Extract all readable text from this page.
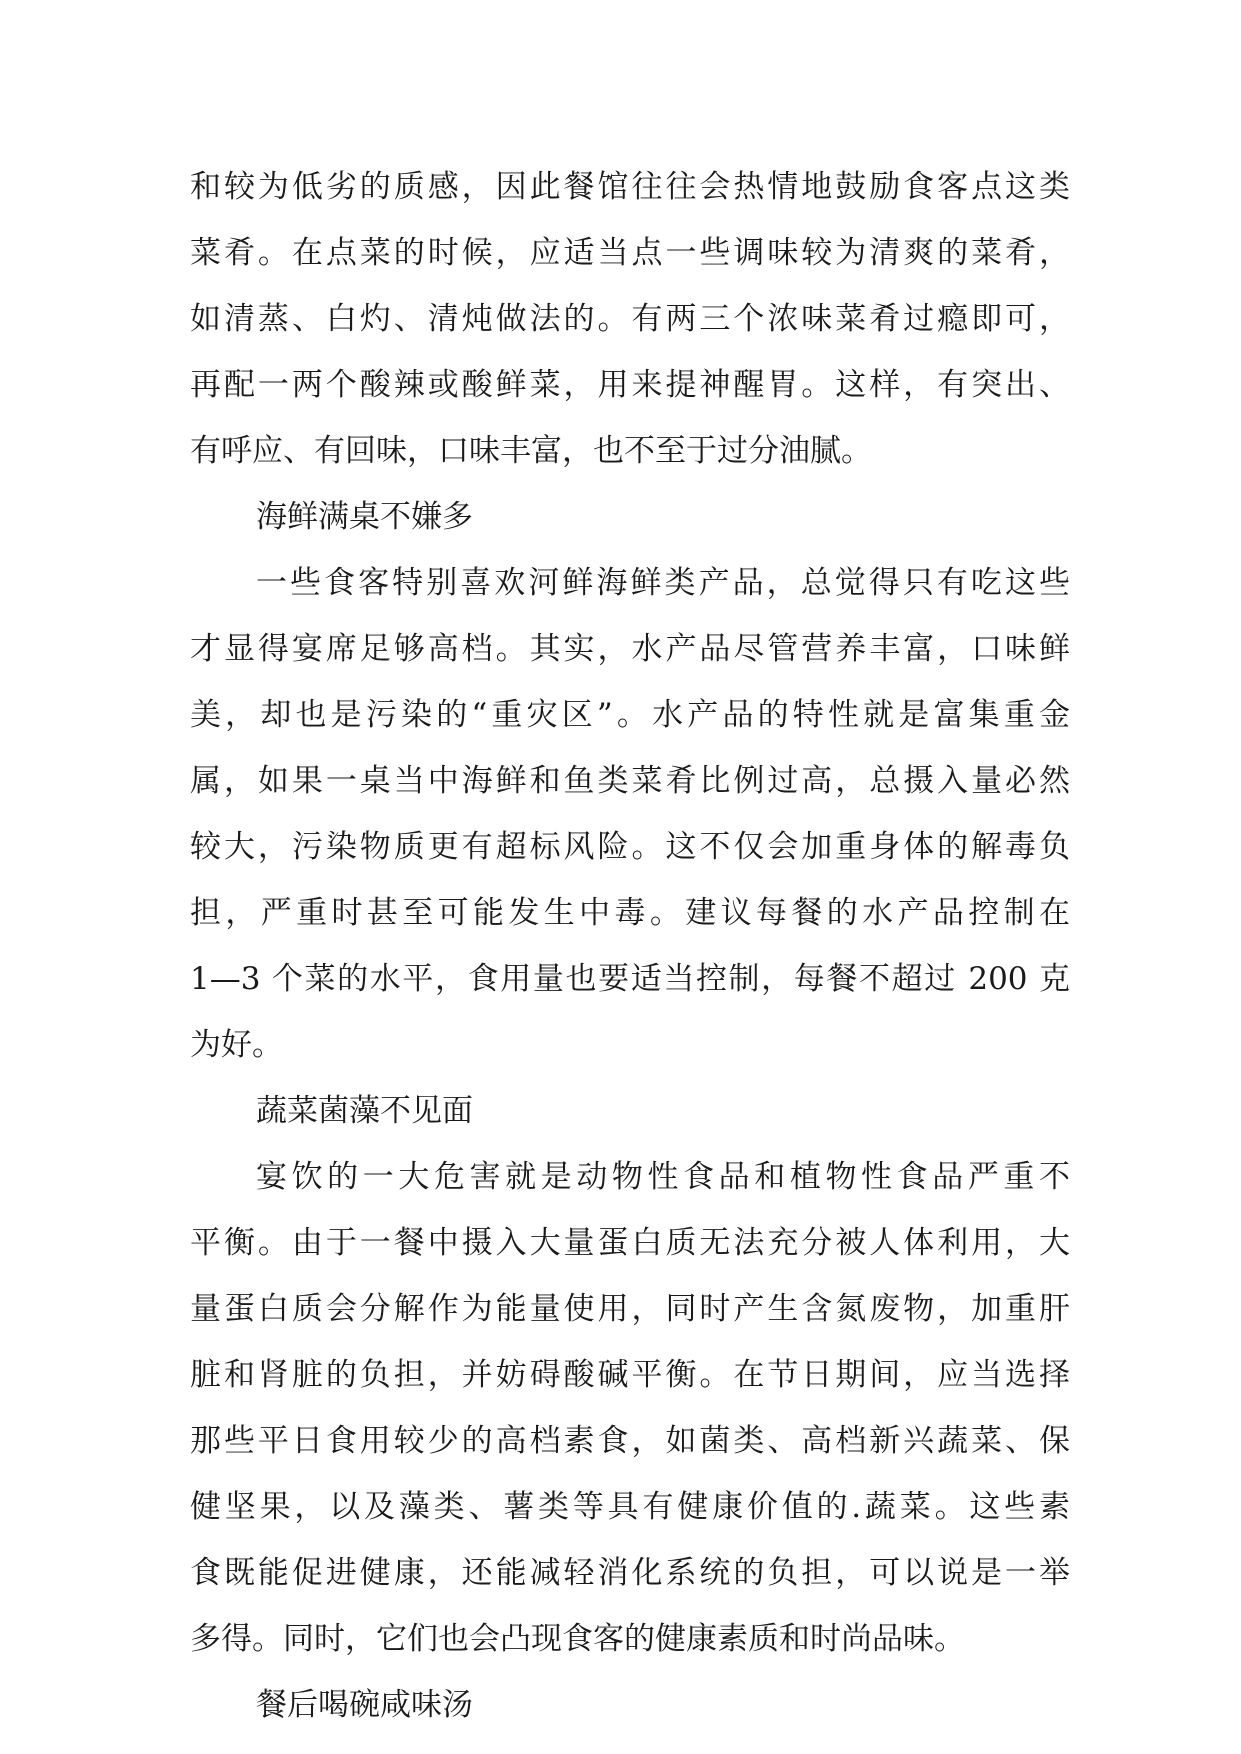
和较为低劣的质感，因此餐馆往往会热情地鼓励食客点这类
菜肴。在点菜的时候，应适当点一些调味较为清爽的菜肴，
如清蒸、白灼、清炖做法的。有两三个浓味菜肴过瘾即可，
再配一两个酸辣或酸鲜菜，用来提神醒胃。这样，有突出、
有呼应、有回味，口味丰富，也不至于过分油腻。
海鲜满桌不嫌多
一些食客特别喜欢河鲜海鲜类产品，总觉得只有吃这些
才显得宴席足够高档。其实，水产品尽管营养丰富，口味鲜
美，却也是污染的“重灾区”。水产品的特性就是富集重金
属，如果一桌当中海鲜和鱼类菜肴比例过高，总摄入量必然
较大，污染物质更有超标风险。这不仅会加重身体的解毒负
担，严重时甚至可能发生中毒。建议每餐的水产品控制在
1—3 个菜的水平，食用量也要适当控制，每餐不超过 200 克
为好。
蔬菜菌藻不见面
宴饮的一大危害就是动物性食品和植物性食品严重不
平衡。由于一餐中摄入大量蛋白质无法充分被人体利用，大
量蛋白质会分解作为能量使用，同时产生含氮废物，加重肝
脏和肾脏的负担，并妨碍酸碱平衡。在节日期间，应当选择
那些平日食用较少的高档素食，如菌类、高档新兴蔬菜、保
健坚果，以及藻类、薯类等具有健康价值的.蔬菜。这些素
食既能促进健康，还能减轻消化系统的负担，可以说是一举
多得。同时，它们也会凸现食客的健康素质和时尚品味。
餐后喝碗咸味汤
